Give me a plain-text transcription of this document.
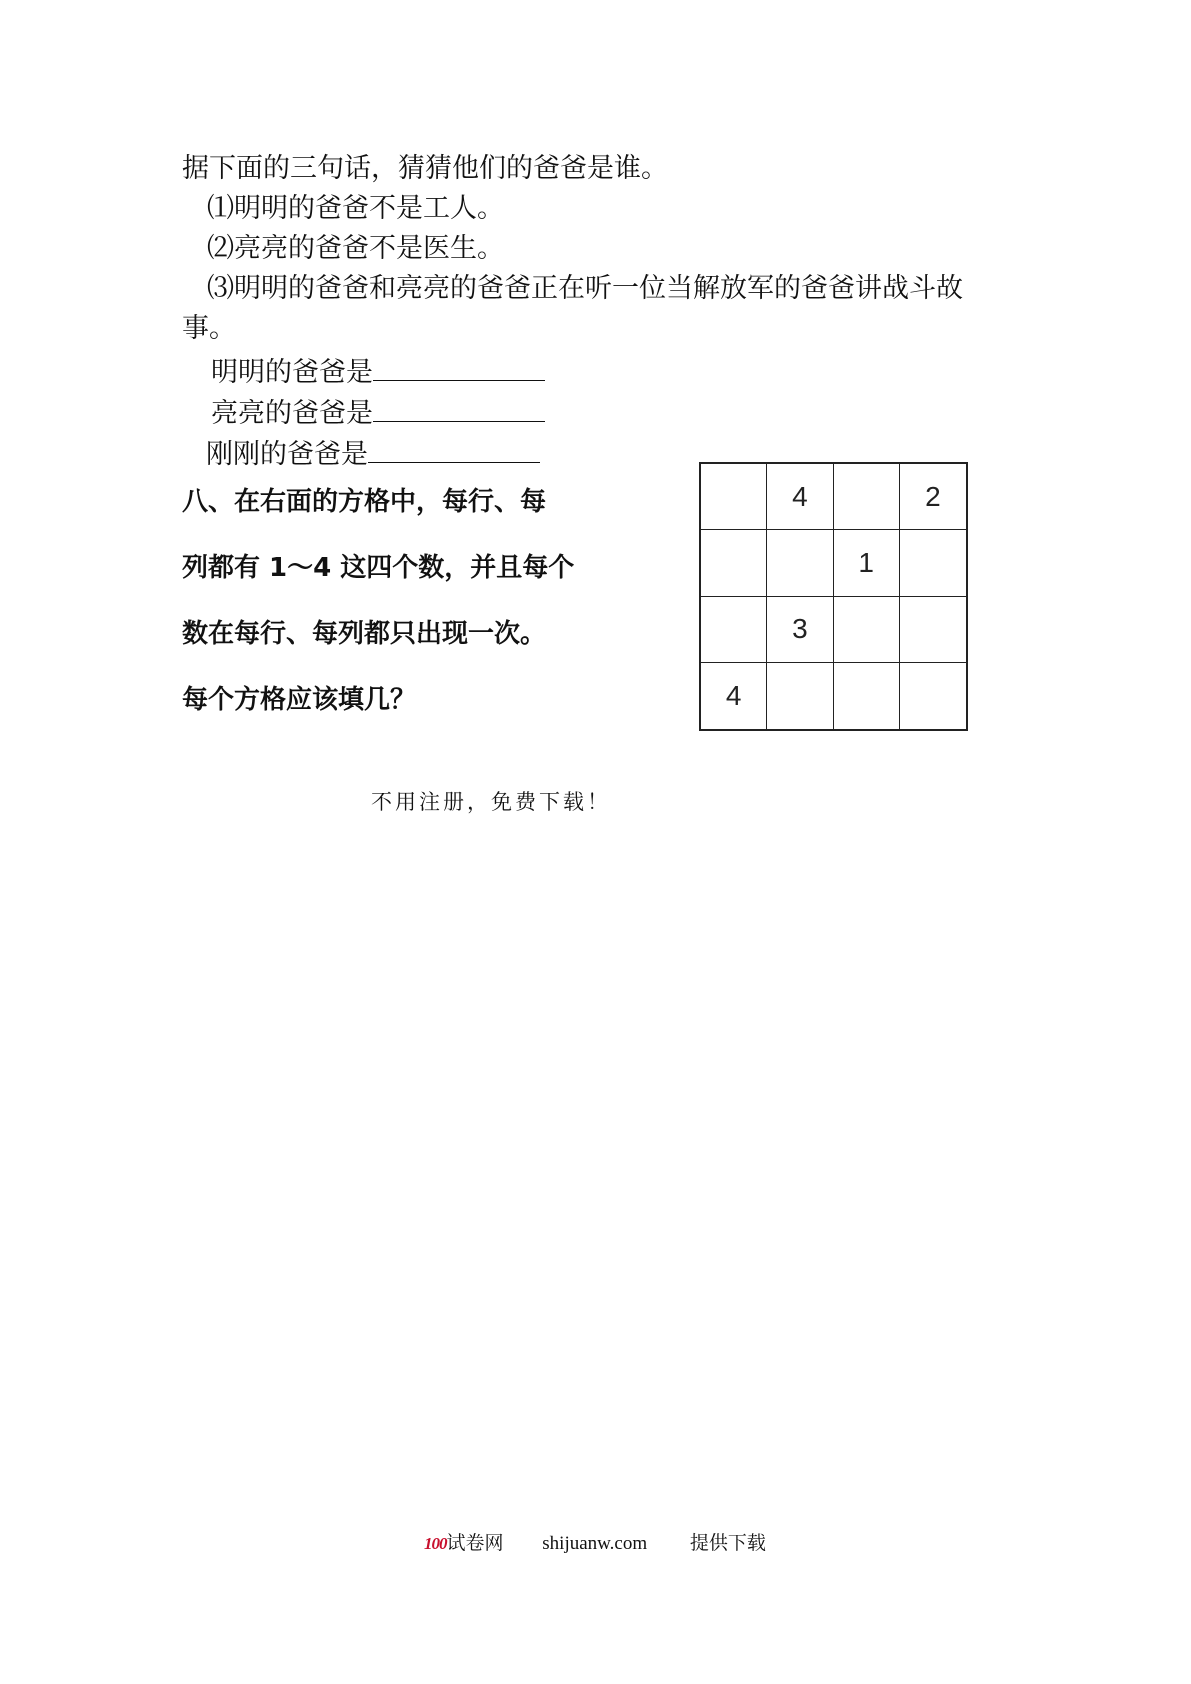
据下面的三句话，猜猜他们的爸爸是谁。
⑴明明的爸爸不是工人。
⑵亮亮的爸爸不是医生。
⑶明明的爸爸和亮亮的爸爸正在听一位当解放军的爸爸讲战斗故
事。
明明的爸爸是
亮亮的爸爸是
刚刚的爸爸是
八、在右面的方格中，每行、每
列都有 1～4 这四个数，并且每个
数在每行、每列都只出现一次。
每个方格应该填几？
4	2
1
3
4
不用注册，免费下载！
100试卷网 shijuanw.com 提供下载
